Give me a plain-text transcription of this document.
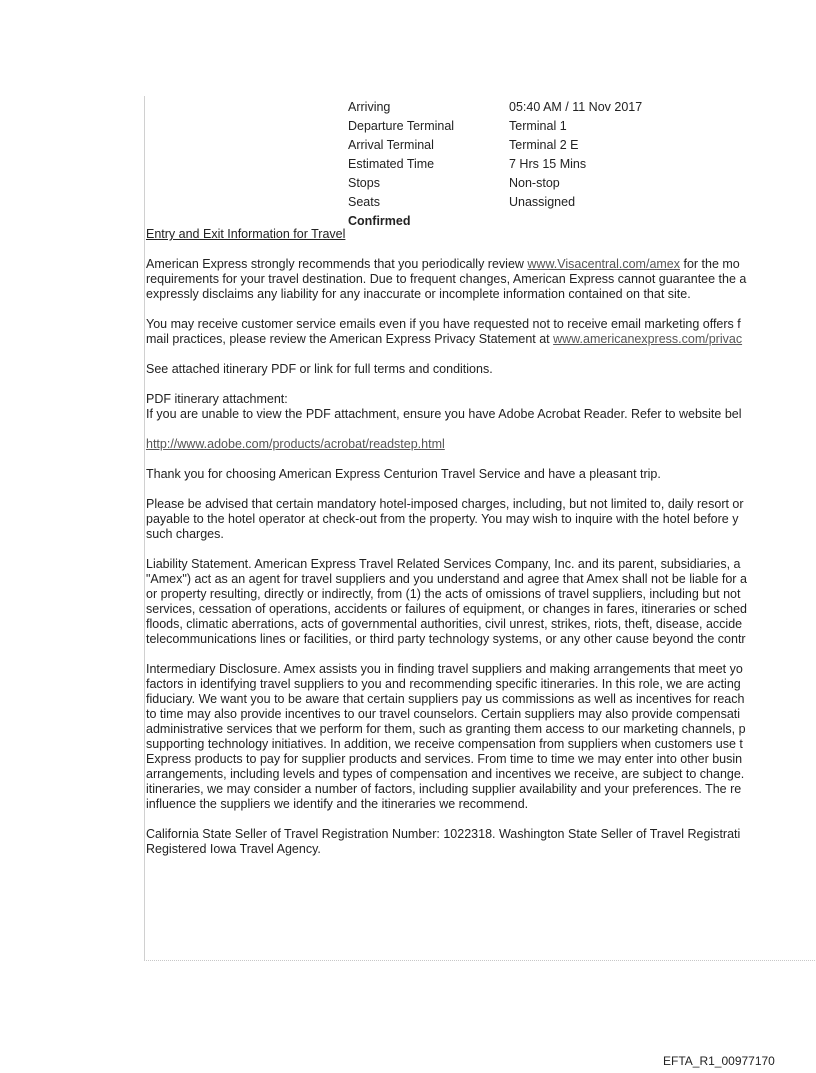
Arriving	05:40 AM / 11 Nov 2017
Departure Terminal	Terminal 1
Arrival Terminal	Terminal 2 E
Estimated Time	7 Hrs 15 Mins
Stops	Non-stop
Seats	Unassigned
Confirmed
Entry and Exit Information for Travel

American Express strongly recommends that you periodically review www.Visacentral.com/amex for the mo
requirements for your travel destination. Due to frequent changes, American Express cannot guarantee the a
expressly disclaims any liability for any inaccurate or incomplete information contained on that site.

You may receive customer service emails even if you have requested not to receive email marketing offers f
mail practices, please review the American Express Privacy Statement at www.americanexpress.com/privac

See attached itinerary PDF or link for full terms and conditions.

PDF itinerary attachment:
If you are unable to view the PDF attachment, ensure you have Adobe Acrobat Reader. Refer to website bel

http://www.adobe.com/products/acrobat/readstep.html

Thank you for choosing American Express Centurion Travel Service and have a pleasant trip.

Please be advised that certain mandatory hotel-imposed charges, including, but not limited to, daily resort or
payable to the hotel operator at check-out from the property. You may wish to inquire with the hotel before y
such charges.

Liability Statement. American Express Travel Related Services Company, Inc. and its parent, subsidiaries, a
"Amex") act as an agent for travel suppliers and you understand and agree that Amex shall not be liable for a
or property resulting, directly or indirectly, from (1) the acts of omissions of travel suppliers, including but not
services, cessation of operations, accidents or failures of equipment, or changes in fares, itineraries or sched
floods, climatic aberrations, acts of governmental authorities, civil unrest, strikes, riots, theft, disease, accide
telecommunications lines or facilities, or third party technology systems, or any other cause beyond the contr

Intermediary Disclosure. Amex assists you in finding travel suppliers and making arrangements that meet yo
factors in identifying travel suppliers to you and recommending specific itineraries. In this role, we are acting
fiduciary. We want you to be aware that certain suppliers pay us commissions as well as incentives for reach
to time may also provide incentives to our travel counselors. Certain suppliers may also provide compensati
administrative services that we perform for them, such as granting them access to our marketing channels, p
supporting technology initiatives. In addition, we receive compensation from suppliers when customers use t
Express products to pay for supplier products and services. From time to time we may enter into other busin
arrangements, including levels and types of compensation and incentives we receive, are subject to change.
itineraries, we may consider a number of factors, including supplier availability and your preferences. The re
influence the suppliers we identify and the itineraries we recommend.

California State Seller of Travel Registration Number: 1022318. Washington State Seller of Travel Registrati
Registered Iowa Travel Agency.

EFTA_R1_00977170
